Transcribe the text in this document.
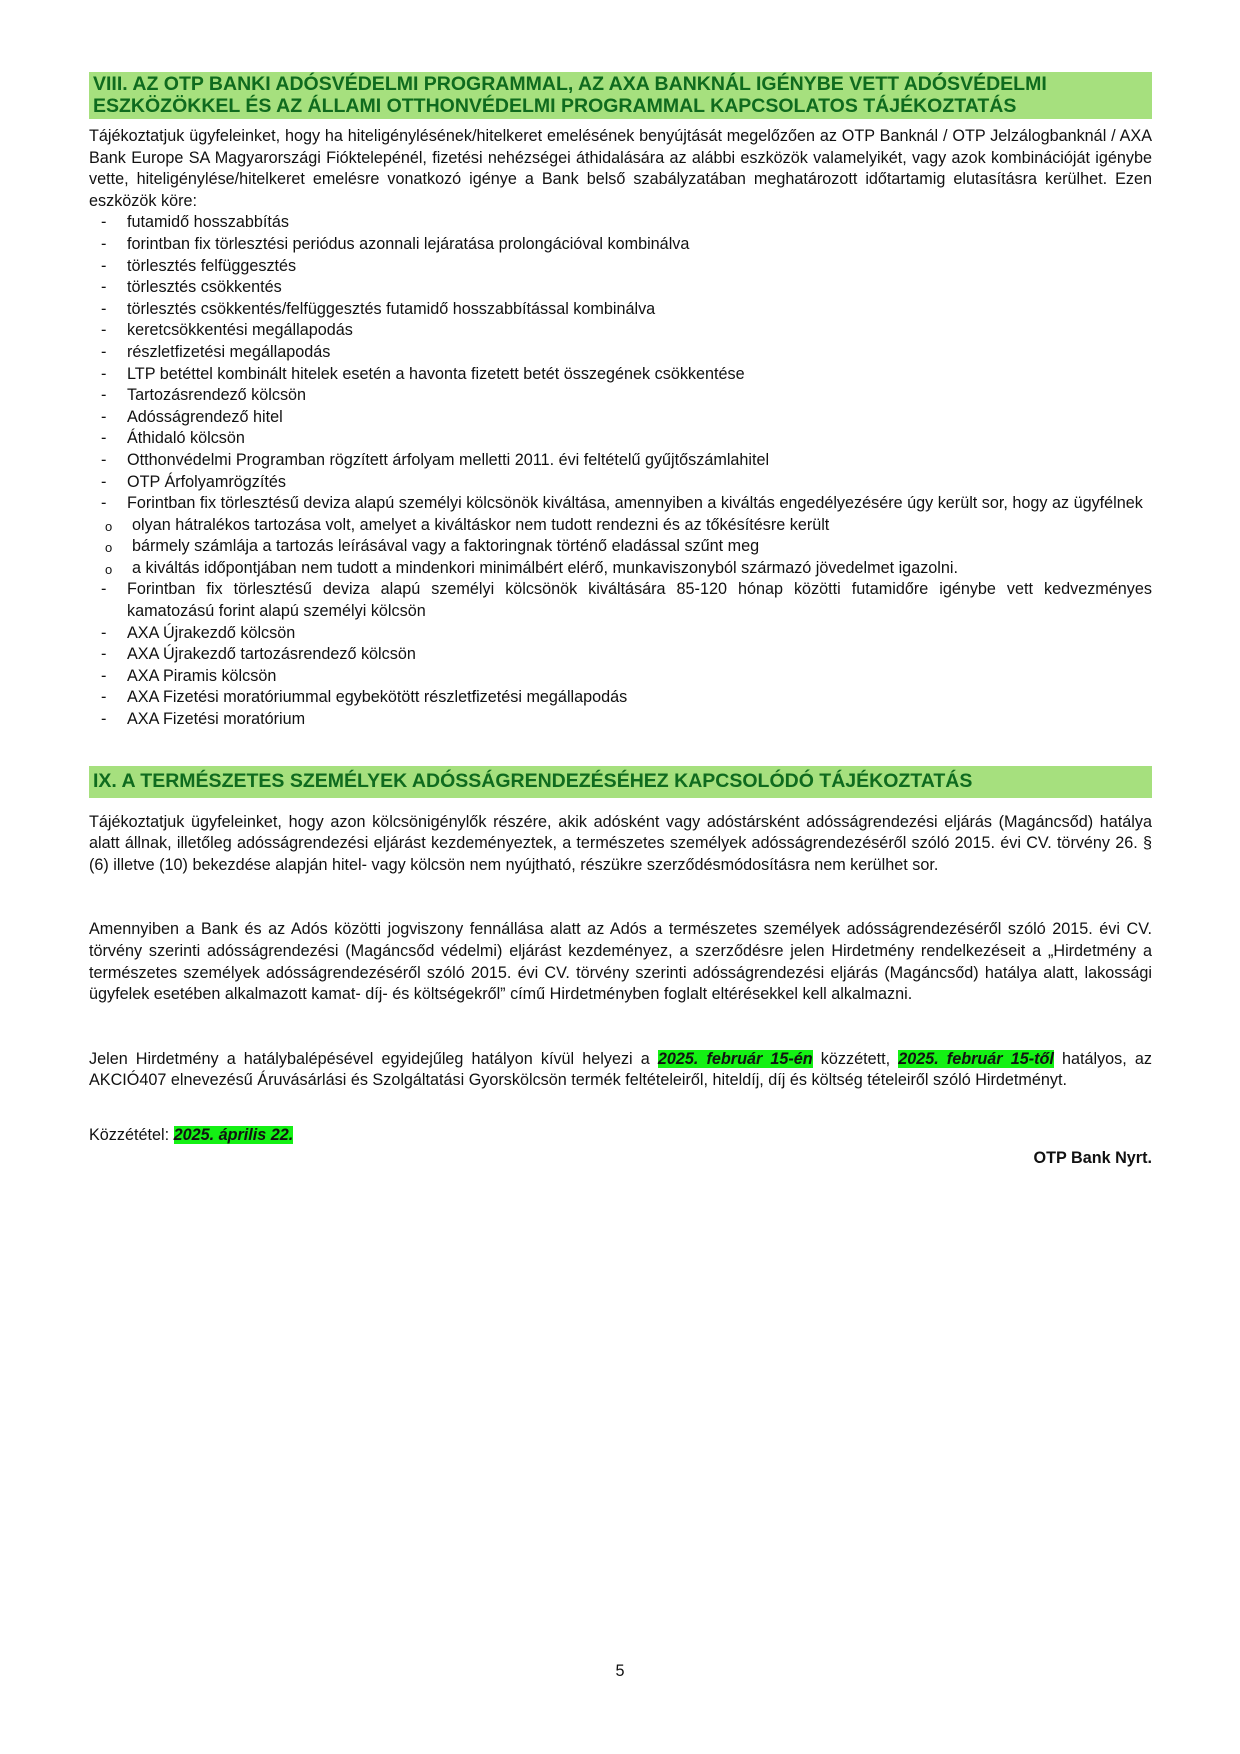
VIII. AZ OTP BANKI ADÓSVÉDELMI PROGRAMMAL, AZ AXA BANKNÁL IGÉNYBE VETT ADÓSVÉDELMI ESZKÖZÖKKEL ÉS AZ ÁLLAMI OTTHONVÉDELMI PROGRAMMAL KAPCSOLATOS TÁJÉKOZTATÁS

Tájékoztatjuk ügyfeleinket, hogy ha hiteligénylésének/hitelkeret emelésének benyújtását megelőzően az OTP Banknál / OTP Jelzálogbanknál / AXA Bank Europe SA Magyarországi Fióktelepénél, fizetési nehézségei áthidalására az alábbi eszközök valamelyikét, vagy azok kombinációját igénybe vette, hiteligénylése/hitelkeret emelésre vonatkozó igénye a Bank belső szabályzatában meghatározott időtartamig elutasításra kerülhet. Ezen eszközök köre:

- futamidő hosszabbítás
- forintban fix törlesztési periódus azonnali lejáratása prolongációval kombinálva
- törlesztés felfüggesztés
- törlesztés csökkentés
- törlesztés csökkentés/felfüggesztés futamidő hosszabbítással kombinálva
- keretcsökkentési megállapodás
- részletfizetési megállapodás
- LTP betéttel kombinált hitelek esetén a havonta fizetett betét összegének csökkentése
- Tartozásrendező kölcsön
- Adósságrendező hitel
- Áthidaló kölcsön
- Otthonvédelmi Programban rögzített árfolyam melletti 2011. évi feltételű gyűjtőszámlahitel
- OTP Árfolyamrögzítés
- Forintban fix törlesztésű deviza alapú személyi kölcsönök kiváltása, amennyiben a kiváltás engedélyezésére úgy került sor, hogy az ügyfélnek
o olyan hátralékos tartozása volt, amelyet a kiváltáskor nem tudott rendezni és az tőkésítésre került
o bármely számlája a tartozás leírásával vagy a faktoringnak történő eladással szűnt meg
o a kiváltás időpontjában nem tudott a mindenkori minimálbért elérő, munkaviszonyból származó jövedelmet igazolni.
- Forintban fix törlesztésű deviza alapú személyi kölcsönök kiváltására 85-120 hónap közötti futamidőre igénybe vett kedvezményes kamatozású forint alapú személyi kölcsön
- AXA Újrakezdő kölcsön
- AXA Újrakezdő tartozásrendező kölcsön
- AXA Piramis kölcsön
- AXA Fizetési moratóriummal egybekötött részletfizetési megállapodás
- AXA Fizetési moratórium
IX. A TERMÉSZETES SZEMÉLYEK ADÓSSÁGRENDEZÉSÉHEZ KAPCSOLÓDÓ TÁJÉKOZTATÁS

Tájékoztatjuk ügyfeleinket, hogy azon kölcsönigénylők részére, akik adósként vagy adóstársként adósságrendezési eljárás (Magáncsőd) hatálya alatt állnak, illetőleg adósságrendezési eljárást kezdeményeztek, a természetes személyek adósságrendezéséről szóló 2015. évi CV. törvény 26. § (6) illetve (10) bekezdése alapján hitel- vagy kölcsön nem nyújtható, részükre szerződésmódosításra nem kerülhet sor.

Amennyiben a Bank és az Adós közötti jogviszony fennállása alatt az Adós a természetes személyek adósságrendezéséről szóló 2015. évi CV. törvény szerinti adósságrendezési (Magáncsőd védelmi) eljárást kezdeményez, a szerződésre jelen Hirdetmény rendelkezéseit a „Hirdetmény a természetes személyek adósságrendezéséről szóló 2015. évi CV. törvény szerinti adósságrendezési eljárás (Magáncsőd) hatálya alatt, lakossági ügyfelek esetében alkalmazott kamat- díj- és költségekről” című Hirdetményben foglalt eltérésekkel kell alkalmazni.

Jelen Hirdetmény a hatálybalépésével egyidejűleg hatályon kívül helyezi a 2025. február 15-én közzétett, 2025. február 15-től hatályos, az AKCIÓ407 elnevezésű Áruvásárlási és Szolgáltatási Gyorskölcsön termék feltételeiről, hiteldíj, díj és költség tételeiről szóló Hirdetményt.

Közzététel: 2025. április 22.

OTP Bank Nyrt.
5
